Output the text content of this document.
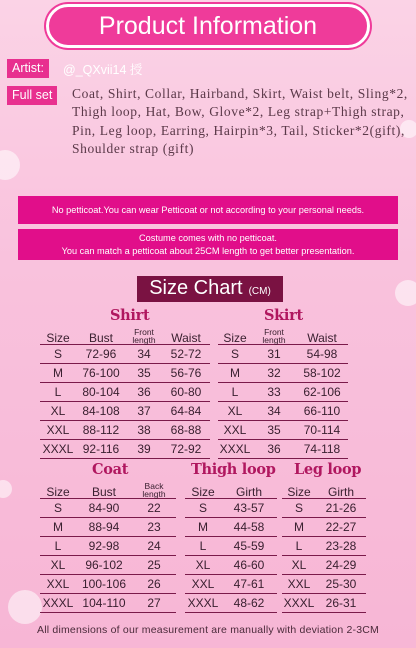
Product Information
Artist:	@_QXvii14 授
Full set	Coat, Shirt, Collar, Hairband, Skirt, Waist belt, Sling*2, Thigh loop, Hat, Bow, Glove*2, Leg strap+Thigh strap, Pin, Leg loop, Earring, Hairpin*3, Tail, Sticker*2(gift), Shoulder strap (gift)
No petticoat.You can wear Petticoat or not according to your personal needs.
Costume comes with no petticoat.
You can match a petticoat about 25CM length to get better presentation.
Size Chart (CM)
Shirt
Size	Bust	Front length	Waist
S	72-96	34	52-72
M	76-100	35	56-76
L	80-104	36	60-80
XL	84-108	37	64-84
XXL	88-112	38	68-88
XXXL	92-116	39	72-92
Skirt
Size	Front length	Waist
S	31	54-98
M	32	58-102
L	33	62-106
XL	34	66-110
XXL	35	70-114
XXXL	36	74-118
Coat
Size	Bust	Back length
S	84-90	22
M	88-94	23
L	92-98	24
XL	96-102	25
XXL	100-106	26
XXXL	104-110	27
Thigh loop
Size	Girth
S	43-57
M	44-58
L	45-59
XL	46-60
XXL	47-61
XXXL	48-62
Leg loop
Size	Girth
S	21-26
M	22-27
L	23-28
XL	24-29
XXL	25-30
XXXL	26-31
All dimensions of our measurement are manually with deviation 2-3CM
